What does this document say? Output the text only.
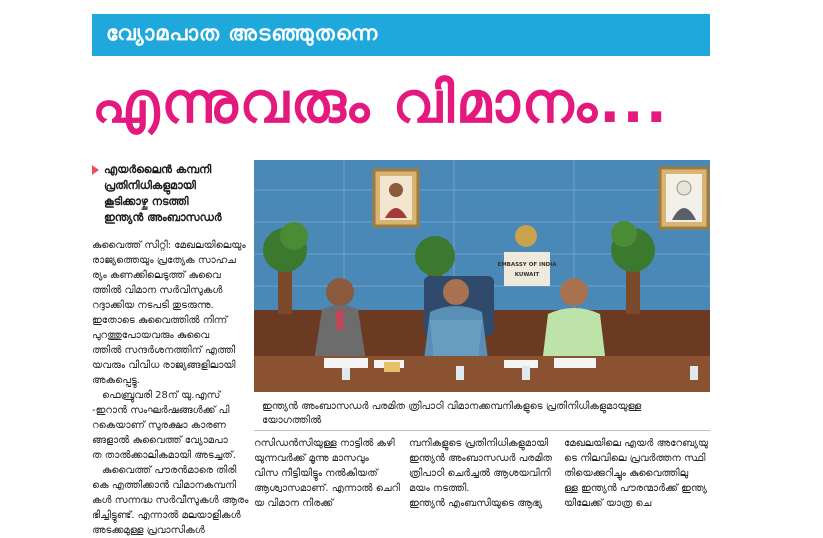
വ്യോമപാത അടഞ്ഞുതന്നെ
എന്നുവരും വിമാനം...
എയർലൈൻ കമ്പനി
പ്രതിനിധികളുമായി
കൂടിക്കാഴ്ച നടത്തി
ഇന്ത്യൻ അംബാസഡർ
കുവൈത്ത് സിറ്റി: മേഖലയിലെയും
രാജ്യത്തെയും പ്രത്യേക സാഹച
ര്യം കണക്കിലെടുത്ത് കുവൈ
ത്തിൽ വിമാന സർവിസുകൾ
റദ്ദാക്കിയ നടപടി തുടരുന്നു.
ഇതോടെ കുവൈത്തിൽ നിന്ന്
പുറത്തുപോയവരും കുവൈ
ത്തിൽ സന്ദർശനത്തിന് എത്തി
യവരും വിവിധ രാജ്യങ്ങളിലായി
അകപ്പെട്ടു.
ഫെബ്രുവരി 28ന് യു.എസ്
-ഇറാൻ സംഘർഷങ്ങൾക്ക് പി
റകെയാണ് സുരക്ഷാ കാരണ
ങ്ങളാൽ കുവൈത്ത് വ്യോമപാ
ത താൽക്കാലികമായി അടച്ചത്.
കുവൈത്ത് പൗരൻമാരെ തിരി
കെ എത്തിക്കാൻ വിമാനകമ്പനി
കൾ സന്നദ്ധ സർവീസുകൾ ആരം
ഭിച്ചിട്ടുണ്ട്. എന്നാൽ മലയാളികൾ
അടക്കമുള്ള പ്രവാസികൾ
EMBASSY OF INDIA
KUWAIT
ഇന്ത്യൻ അംബാസഡർ പരമിത ത്രിപാഠി വിമാനക്കമ്പനികളുടെ പ്രതിനിധികളുമായുള്ള
യോഗത്തിൽ
റസിഡൻസിയുള്ള നാട്ടിൽ കഴി
യുന്നവർക്ക് മൂന്നു മാസവും
വിസ നീട്ടിയിട്ടും നൽകിയത്
ആശ്വാസമാണ്. എന്നാൽ ചെറി
യ വിമാന നിരക്ക്
മ്പനികളുടെ പ്രതിനിധികളുമായി
ഇന്ത്യൻ അംബാസഡർ പരമിത
ത്രിപാഠി ചെർച്ചൽ ആശയവിനി
മയം നടത്തി.
ഇന്ത്യൻ എംബസിയുടെ ആഭ്യ
മേഖലയിലെ എയർ അറേബ്യയു
ടെ നിലവിലെ പ്രവർത്തന സ്ഥി
തിയെക്കുറിച്ചും കുവൈത്തിലു
ള്ള ഇന്ത്യൻ പൗരന്മാർക്ക് ഇന്ത്യ
യിലേക്ക് യാത്ര ചെ
